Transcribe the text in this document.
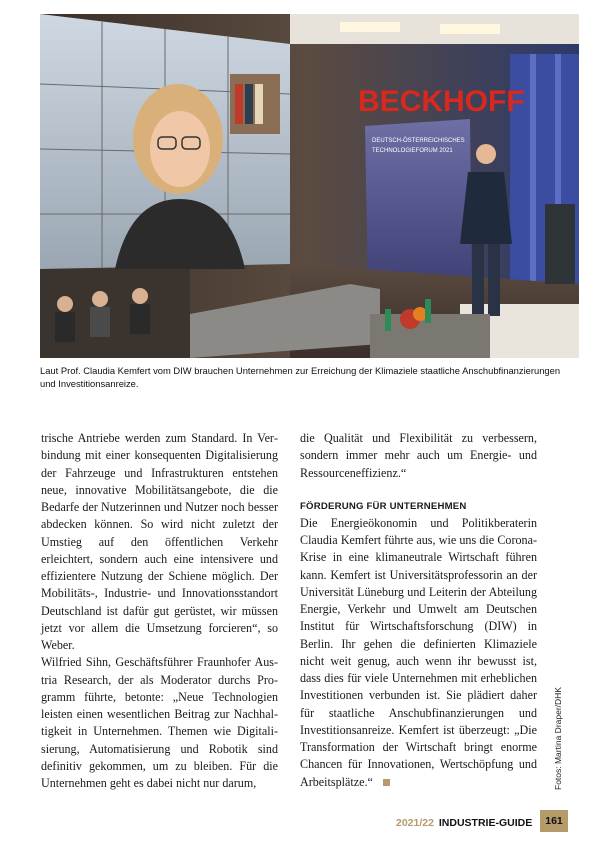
BECKHOFF
DEUTSCH-ÖSTERREICHISCHES
TECHNOLOGIEFORUM 2021
Laut Prof. Claudia Kemfert vom DIW brauchen Unternehmen zur Erreichung der Klimaziele staatliche Anschubfinanzierungen und Investitionsanreize.

trische Antriebe werden zum Standard. In Verbindung mit einer konsequenten Digitalisierung der Fahrzeuge und Infrastrukturen entstehen neue, innovative Mobilitätsangebote, die die Bedarfe der Nutzerinnen und Nutzer noch besser abdecken können. So wird nicht zuletzt der Umstieg auf den öffentlichen Verkehr erleichtert, sondern auch eine intensivere und effizientere Nutzung der Schiene möglich. Der Mobilitäts-, Industrie- und Innovationsstandort Deutschland ist dafür gut gerüstet, wir müssen jetzt vor allem die Umsetzung forcieren“, so Weber.

Wilfried Sihn, Geschäftsführer Fraunhofer Austria Research, der als Moderator durchs Programm führte, betonte: „Neue Technologien leisten einen wesentlichen Beitrag zur Nachhaltigkeit in Unternehmen. Themen wie Digitalisierung, Automatisierung und Robotik sind definitiv gekommen, um zu bleiben. Für die Unternehmen geht es dabei nicht nur darum,

die Qualität und Flexibilität zu verbessern, sondern immer mehr auch um Energie- und Ressourceneffizienz.“

FÖRDERUNG FÜR UNTERNEHMEN

Die Energieökonomin und Politikberaterin Claudia Kemfert führte aus, wie uns die Corona-Krise in eine klimaneutrale Wirtschaft führen kann. Kemfert ist Universitätsprofessorin an der Universität Lüneburg und Leiterin der Abteilung Energie, Verkehr und Umwelt am Deutschen Institut für Wirtschaftsforschung (DIW) in Berlin. Ihr gehen die definierten Klimaziele nicht weit genug, auch wenn ihr bewusst ist, dass dies für viele Unternehmen mit erheblichen Investitionen verbunden ist. Sie plädiert daher für staatliche Anschubfinanzierungen und Investitionsanreize. Kemfert ist überzeugt: „Die Transformation der Wirtschaft bringt enorme Chancen für Innovationen, Wertschöpfung und Arbeitsplätze.“	Fotos: Martina Draper/DHK
2021/22 INDUSTRIE-GUIDE	161
